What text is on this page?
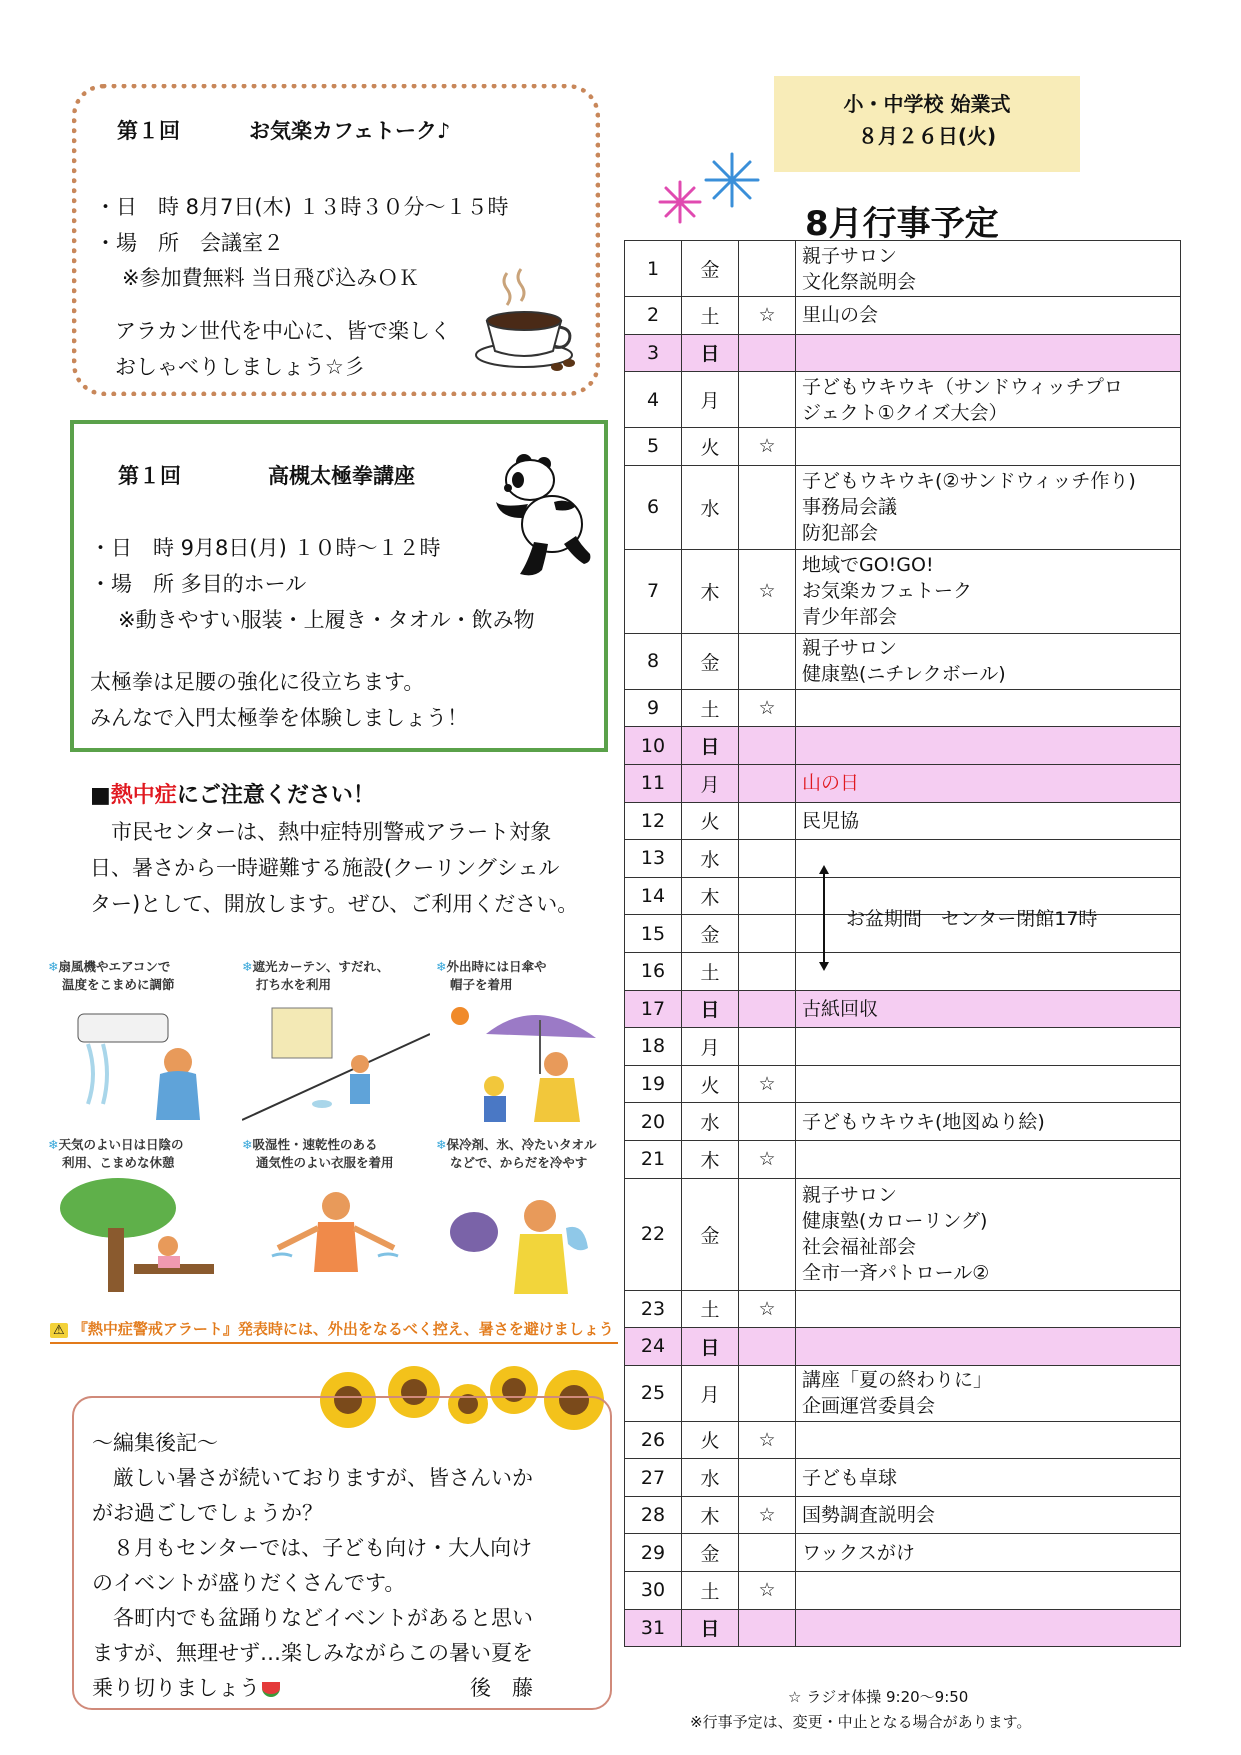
第１回	お気楽カフェトーク♪
・日　時 8月7日(木) １３時３０分～１５時
・場　所　会議室２
※参加費無料 当日飛び込みＯＫ
アラカン世代を中心に、皆で楽しく
おしゃべりしましょう☆彡
第１回	高槻太極拳講座
・日　時 9月8日(月) １０時～１２時
・場　所 多目的ホール
※動きやすい服装・上履き・タオル・飲み物
太極拳は足腰の強化に役立ちます。
みんなで入門太極拳を体験しましょう！
■熱中症にご注意ください！
　市民センターは、熱中症特別警戒アラート対象
日、暑さから一時避難する施設(クーリングシェル
ター)として、開放します。ぜひ、ご利用ください。
❄扇風機やエアコンで
温度をこまめに調節
❄遮光カーテン、すだれ、
打ち水を利用
❄外出時には日傘や
帽子を着用
❄天気のよい日は日陰の
利用、こまめな休憩
❄吸湿性・速乾性のある
通気性のよい衣服を着用
❄保冷剤、氷、冷たいタオル
などで、からだを冷やす
⚠ 『熱中症警戒アラート』発表時には、外出をなるべく控え、暑さを避けましょう
～編集後記～
　厳しい暑さが続いておりますが、皆さんいか
がお過ごしでしょうか？
　８月もセンターでは、子ども向け・大人向け
のイベントが盛りだくさんです。
　各町内でも盆踊りなどイベントがあると思い
ますが、無理せず…楽しみながらこの暑い夏を
乗り切りましょう	後　藤
小・中学校 始業式
８月２６日(火)
8月行事予定
1	金		親子サロン
文化祭説明会

2	土	☆	里山の会

3	日		
4	月		子どもウキウキ（サンドウィッチプロ
ジェクト①クイズ大会）

5	火	☆	
6	水		子どもウキウキ(②サンドウィッチ作り)
事務局会議
防犯部会

7	木	☆	地域でGO!GO!
お気楽カフェトーク
青少年部会

8	金		親子サロン
健康塾(ニチレクボール)

9	土	☆	
10	日		
11	月		山の日

12	火		民児協

13	水		
14	木		
15	金		
16	土		
17	日		古紙回収

18	月		
19	火	☆	
20	水		子どもウキウキ(地図ぬり絵)

21	木	☆	
22	金		親子サロン
健康塾(カローリング)
社会福祉部会
全市一斉パトロール②

23	土	☆	
24	日		
25	月		講座「夏の終わりに」
企画運営委員会

26	火	☆	
27	水		子ども卓球

28	木	☆	国勢調査説明会

29	金		ワックスがけ

30	土	☆	
31	日		
お盆期間　センター閉館17時
☆ ラジオ体操 9:20～9:50
※行事予定は、変更・中止となる場合があります。
